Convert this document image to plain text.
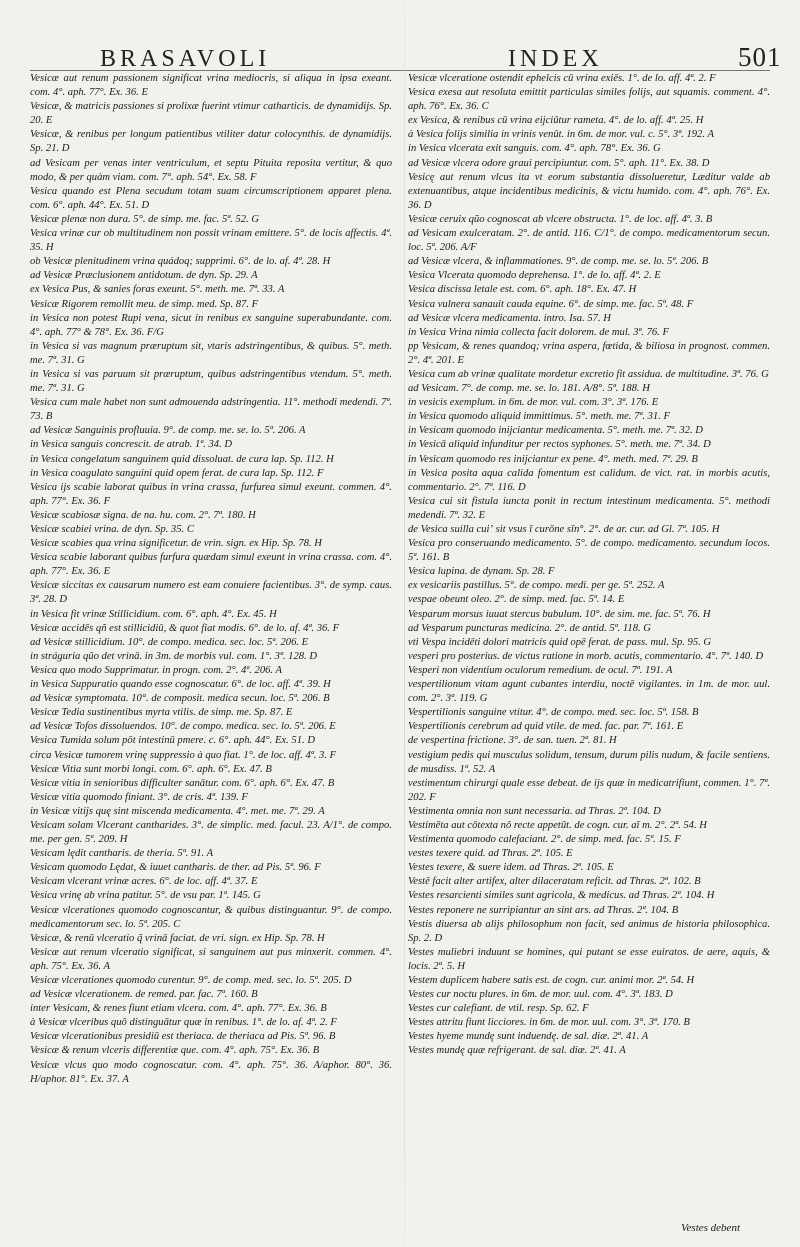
BRASAVOLI	INDEX	501

Vesicæ aut renum passionem significat vrina mediocris, si aliqua in ipsa exeant. com. 4°. aph. 77°. Ex. 36. E

Vesicæ, & matricis passiones si prolixæ fuerint vtimur catharticis. de dynamidijs. Sp. 20. E

Vesicæ, & renibus per longum patientibus vtiliter datur colocynthis. de dynamidijs. Sp. 21. D

ad Vesicam per venas inter ventriculum, et septu Pituita reposita vertitur, & quo modo, & per quàm viam. com. 7°. aph. 54°. Ex. 58. F

Vesica quando est Plena secudum totam suam circumscriptionem apparet plena. com. 6°. aph. 44°. Ex. 51. D

Vesicæ plenæ non dura. 5°. de simp. me. fac. 5ª. 52. G

Vesica vrinæ cur ob multitudinem non possit vrinam emittere. 5°. de locis affectis. 4ª. 35. H

ob Vesicæ plenitudinem vrina quádoq; supprimi. 6°. de lo. af. 4ª. 28. H

ad Vesicæ Præclusionem antidotum. de dyn. Sp. 29. A

ex Vesica Pus, & sanies foras exeunt. 5°. meth. me. 7ª. 33. A

Vesicæ Rigorem remollit meu. de simp. med. Sp. 87. F

in Vesica non potest Rupi vena, sicut in renibus ex sanguine superabundante. com. 4°. aph. 77° & 78°. Ex. 36. F/G

in Vesica si vas magnum præruptum sit, vtaris adstringentibus, & quibus. 5°. meth. me. 7ª. 31. G

in Vesica si vas paruum sit præruptum, quibus adstringentibus vtendum. 5°. meth. me. 7ª. 31. G

Vesica cum male habet non sunt admouenda adstringentia. 11°. methodi medendi. 7ª. 73. B

ad Vesicæ Sanguinis profluuia. 9°. de comp. me. se. lo. 5ª. 206. A

in Vesica sanguis concrescit. de atrab. 1ª. 34. D

in Vesica congelatum sanguinem quid dissoluat. de cura lap. Sp. 112. H

in Vesica coagulato sanguini quid opem ferat. de cura lap. Sp. 112. F

Vesica ijs scabie laborat quibus in vrina crassa, furfurea simul exeunt. commen. 4°. aph. 77°. Ex. 36. F

Vesicæ scabiosæ signa. de na. hu. com. 2°. 7ª. 180. H

Vesicæ scabiei vrina. de dyn. Sp. 35. C

Vesicæ scabies qua vrina significetur. de vrin. sign. ex Hip. Sp. 78. H

Vesica scabie laborant quibus furfura quædam simul exeunt in vrina crassa. com. 4°. aph. 77°. Ex. 36. E

Vesicæ siccitas ex causarum numero est eam conuiere facientibus. 3°. de symp. caus. 3ª. 28. D

in Vesica fit vrinæ Stillicidium. com. 6°. aph. 4°. Ex. 45. H

Vesicæ accidēs qñ est stillicidiū, & quot fiat modis. 6°. de lo. af. 4ª. 36. F

ad Vesicæ stillicidium. 10°. de compo. medica. sec. loc. 5ª. 206. E

in stráguria qũo det vrinā. in 3m. de morbis vul. com. 1°. 3ª. 128. D

Vesica quo modo Supprimatur. in progn. com. 2°. 4ª. 206. A

in Vesica Suppuratio quando esse cognoscatur. 6°. de loc. aff. 4ª. 39. H

ad Vesicæ symptomata. 10°. de composit. medica secun. loc. 5ª. 206. B

Vesicæ Tedia sustinentibus myrta vtilis. de simp. me. Sp. 87. E

ad Vesicæ Tofos dissoluendos. 10°. de compo. medica. sec. lo. 5ª. 206. E

Vesica Tumida solum pōt intestinū pmere. c. 6°. aph. 44°. Ex. 51. D

circa Vesicæ tumorem vrinę suppressio à quo fiat. 1°. de loc. aff. 4ª. 3. F

Vesicæ Vitia sunt morbi longi. com. 6°. aph. 6°. Ex. 47. B

Vesicæ vitia in senioribus difficulter sanātur. com. 6°. aph. 6°. Ex. 47. B

Vesicæ vitia quomodo finiant. 3°. de cris. 4ª. 139. F

in Vesicæ vitijs quę sint miscenda medicamenta. 4°. met. me. 7ª. 29. A

Vesicam solam Vlcerant cantharides. 3°. de simplic. med. facul. 23. A/1°. de compo. me. per gen. 5ª. 209. H

Vesicam lędit cantharis. de theria. 5ª. 91. A

Vesicam quomodo Lędat, & iuuet cantharis. de ther. ad Pis. 5ª. 96. F

Vesicam vlcerant vrinæ acres. 6°. de loc. aff. 4ª. 37. E

Vesica vrinę ab vrina patitur. 5°. de vsu par. 1ª. 145. G

Vesicæ vlcerationes quomodo cognoscantur, & quibus distinguantur. 9°. de compo. medicamentorum sec. lo. 5ª. 205. C

Vesicæ, & renū vlceratio q̃ vrinā faciat. de vri. sign. ex Hip. Sp. 78. H

Vesicæ aut renum vlceratio significat, si sanguinem aut pus minxerit. commen. 4°. aph. 75°. Ex. 36. A

Vesicæ vlcerationes quomodo curentur. 9°. de comp. med. sec. lo. 5ª. 205. D

ad Vesicæ vlcerationem. de remed. par. fac. 7ª. 160. B

inter Vesicam, & renes fiunt etiam vlcera. com. 4°. aph. 77°. Ex. 36. B

à Vesicæ vlceribus quō distinguātur quæ in renibus. 1°. de lo. af. 4ª. 2. F

Vesicæ vlcerationibus presidiū est theriaca. de theriaca ad Pis. 5ª. 96. B

Vesicæ & renum vlceris differentiæ que. com. 4°. aph. 75°. Ex. 36. B

Vesicæ vlcus quo modo cognoscatur. com. 4°. aph. 75°. 36. A/aphor. 80°. 36. H/aphor. 81°. Ex. 37. A

Vesicæ vlceratione ostendit ephelcis cū vrina exiēs. 1°. de lo. aff. 4ª. 2. F

Vesica exesa aut resoluta emittit particulas similes folijs, aut squamis. comment. 4°. aph. 76°. Ex. 36. C

ex Vesica, & renibus cū vrina eijciūtur rameta. 4°. de lo. aff. 4ª. 25. H

à Vesica folijs similia in vrinis venūt. in 6m. de mor. vul. c. 5°. 3ª. 192. A

in Vesica vlcerata exit sanguis. com. 4°. aph. 78°. Ex. 36. G

ad Vesicæ vlcera odore graui percipiuntur. com. 5°. aph. 11°. Ex. 38. D

Vesicę aut renum vlcus ita vt eorum substantia dissolueretur, Læditur valde ab extenuantibus, atque incidentibus medicinis, & victu humido. com. 4°. aph. 76°. Ex. 36. D

Vesicæ ceruix qũo cognoscat ab vlcere obstructa. 1°. de loc. aff. 4ª. 3. B

ad Vesicam exulceratam. 2°. de antid. 116. C/1°. de compo. medicamentorum secun. loc. 5ª. 206. A/F

ad Vesicæ vlcera, & inflammationes. 9°. de comp. me. se. lo. 5ª. 206. B

Vesica Vlcerata quomodo deprehensa. 1°. de lo. aff. 4ª. 2. E

Vesica discissa letale est. com. 6°. aph. 18°. Ex. 47. H

Vesica vulnera sanauit cauda equine. 6°. de simp. me. fac. 5ª. 48. F

ad Vesicæ vlcera medicamenta. intro. Isa. 57. H

in Vesica Vrina nimia collecta facit dolorem. de mul. 3ª. 76. F

pp Vesicam, & renes quandoq; vrina aspera, fœtida, & biliosa in prognost. commen. 2°. 4ª. 201. E

Vesica cum ab vrinæ qualitate mordetur excretio fit assidua. de multitudine. 3ª. 76. G

ad Vesicam. 7°. de comp. me. se. lo. 181. A/8°. 5ª. 188. H

in vesicis exemplum. in 6m. de mor. vul. com. 3°. 3ª. 176. E

in Vesica quomodo aliquid immittimus. 5°. meth. me. 7ª. 31. F

in Vesicam quomodo inijciantur medicamenta. 5°. meth. me. 7ª. 32. D

in Vesicā aliquid infunditur per rectos syphones. 5°. meth. me. 7ª. 34. D

in Vesicam quomodo res inijciantur ex pene. 4°. meth. med. 7ª. 29. B

in Vesica posita aqua calida fomentum est calidum. de vict. rat. in morbis acutis, commentario. 2°. 7ª. 116. D

Vesica cui sit fistula iuncta ponit in rectum intestinum medicamenta. 5°. methodi medendi. 7ª. 32. E

de Vesica suilla cuiʼ sit vsus ī curōne sīn°. 2°. de ar. cur. ad Gl. 7ª. 105. H

Vesica pro conseruando medicamento. 5°. de compo. medicamento. secundum locos. 5ª. 161. B

Vesica lupina. de dynam. Sp. 28. F

ex vesicariis pastillus. 5°. de compo. medi. per ge. 5ª. 252. A

vespae obeunt oleo. 2°. de simp. med. fac. 5ª. 14. E

Vesparum morsus iuuat stercus bubulum. 10°. de sim. me. fac. 5ª. 76. H

ad Vesparum puncturas medicina. 2°. de antid. 5ª. 118. G

vti Vespa incidēti dolori matricis quid opē ferat. de pass. mul. Sp. 95. G

vesperi pro posterius. de victus ratione in morb. acutis, commentario. 4°. 7ª. 140. D

Vesperi non videntium oculorum remedium. de ocul. 7ª. 191. A

vespertilionum vitam agunt cubantes interdiu, noctē vigilantes. in 1m. de mor. uul. com. 2°. 3ª. 119. G

Vespertilionis sanguine vtitur. 4°. de compo. med. sec. loc. 5ª. 158. B

Vespertilionis cerebrum ad quid vtile. de med. fac. par. 7ª. 161. E

de vespertina frictione. 3°. de san. tuen. 2ª. 81. H

vestigium pedis qui musculus solidum, tensum, durum pilis nudum, & facile sentiens. de musdiss. 1ª. 52. A

vestimentum chirurgi quale esse debeat. de ijs quæ in medicatrifiunt, commen. 1°. 7ª. 202. F

Vestimenta omnia non sunt necessaria. ad Thras. 2ª. 104. D

Vestimēta aut cōtexta nō recte appetūt. de cogn. cur. aī m. 2°. 2ª. 54. H

Vestimenta quomodo calefaciant. 2°. de simp. med. fac. 5ª. 15. F

vestes texere quid. ad Thras. 2ª. 105. E

Vestes texere, & suere idem. ad Thras. 2ª. 105. E

Vestē facit alter artifex, alter dilaceratam reficit. ad Thras. 2ª. 102. B

Vestes resarcienti similes sunt agricola, & medicus. ad Thras. 2ª. 104. H

Vestes reponere ne surripiantur an sint ars. ad Thras. 2ª. 104. B

Vestis diuersa ab alijs philosophum non facit, sed animus de historia philosophica. Sp. 2. D

Vestes muliebri induunt se homines, qui putant se esse euiratos. de aere, aquis, & locis. 2ª. 5. H

Vestem duplicem habere satis est. de cogn. cur. animi mor. 2ª. 54. H

Vestes cur noctu plures. in 6m. de mor. uul. com. 4°. 3ª. 183. D

Vestes cur calefiant. de vtil. resp. Sp. 62. F

Vestes attritu fiunt licciores. in 6m. de mor. uul. com. 3°. 3ª. 170. B

Vestes hyeme mundę sunt induendę. de sal. diæ. 2ª. 41. A

Vestes mundę quæ refrigerant. de sal. diæ. 2ª. 41. A

Vestes debent
